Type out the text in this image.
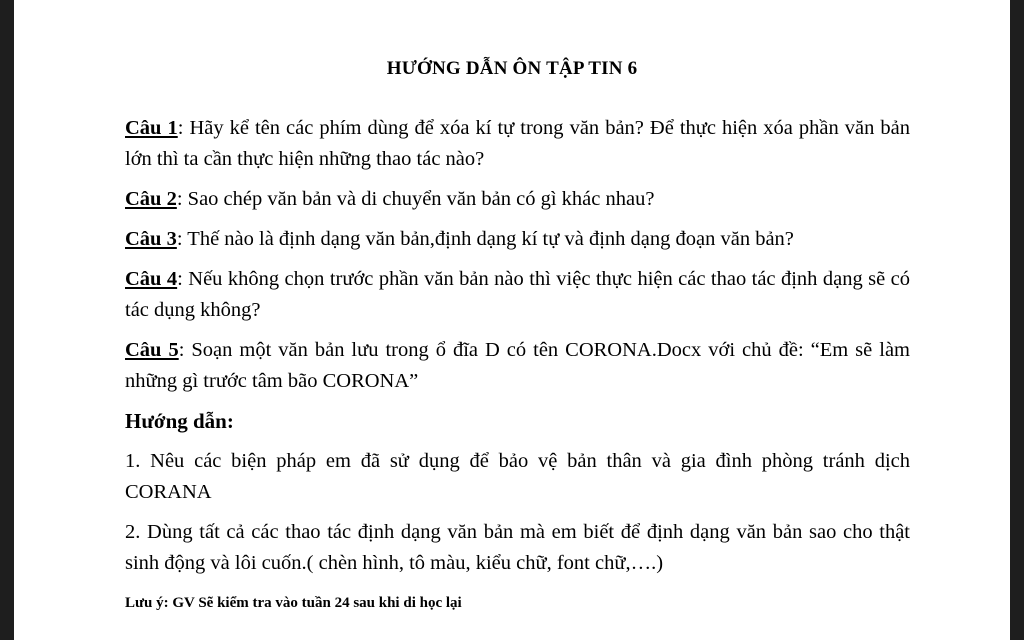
HƯỚNG DẪN ÔN TẬP TIN 6

Câu 1: Hãy kể tên các phím dùng để xóa kí tự trong văn bản? Để thực hiện xóa phần văn bản lớn thì ta cần thực hiện những thao tác nào?

Câu 2: Sao chép văn bản và di chuyển văn bản có gì khác nhau?

Câu 3: Thế nào là định dạng văn bản,định dạng kí tự và định dạng đoạn văn bản?

Câu 4: Nếu không chọn trước phần văn bản nào thì việc thực hiện các thao tác định dạng sẽ có tác dụng không?

Câu 5: Soạn một văn bản lưu trong ổ đĩa D có tên CORONA.Docx với chủ đề: “Em sẽ làm những gì trước tâm bão CORONA”

Hướng dẫn:

1. Nêu các biện pháp em đã sử dụng để bảo vệ bản thân và gia đình phòng tránh dịch CORANA

2. Dùng tất cả các thao tác định dạng văn bản mà em biết để định dạng văn bản sao cho thật sinh động và lôi cuốn.( chèn hình, tô màu, kiểu chữ, font chữ,….)

Lưu ý: GV Sẽ kiểm tra vào tuần 24 sau khi di học lại
